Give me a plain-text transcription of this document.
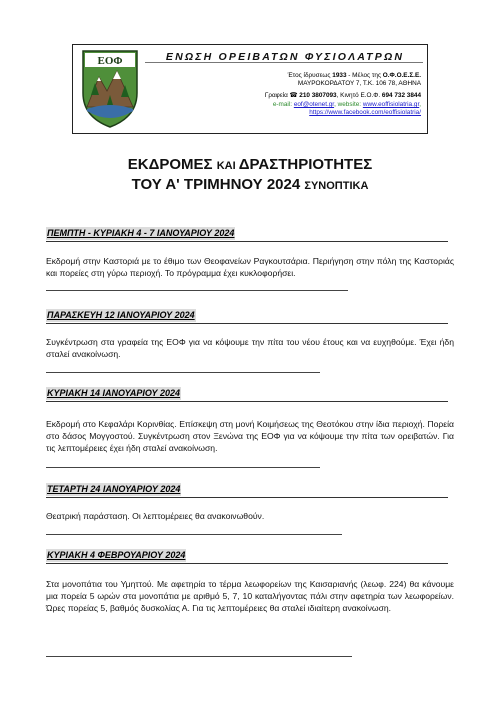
ΕΟΦ	ΕΝΩΣΗ ΟΡΕΙΒΑΤΩΝ ΦΥΣΙΟΛΑΤΡΩΝ
Έτος ίδρυσεως 1933 - Μέλος της Ο.Φ.Ο.Ε.Σ.Ε.
ΜΑΥΡΟΚΟΡΔΑΤΟΥ 7, Τ.Κ. 106 78, ΑΘΗΝΑ
Γραφεία ☎ 210 3807093, Κινητό Ε.Ο.Φ. 694 732 3844
e-mail: eof@otenet.gr, website: www.eoffisiolatria.gr,
https://www.facebook.com/eoffisiolatria/
ΕΚΔΡΟΜΕΣ ΚΑΙ ΔΡΑΣΤΗΡΙΟΤΗΤΕΣ
ΤΟΥ Α' ΤΡΙΜΗΝΟΥ 2024 ΣΥΝΟΠΤΙΚΑ
ΠΕΜΠΤΗ - ΚΥΡΙΑΚΗ 4 - 7 ΙΑΝΟΥΑΡΙΟΥ 2024
Εκδρομή στην Καστοριά με το έθιμο των Θεοφανείων Ραγκουτσάρια. Περιήγηση στην πόλη της Καστοριάς και πορείες στη γύρω περιοχή. Το πρόγραμμα έχει κυκλοφορήσει.
ΠΑΡΑΣΚΕΥΗ 12 ΙΑΝΟΥΑΡΙΟΥ 2024
Συγκέντρωση στα γραφεία της ΕΟΦ για να κόψουμε την πίτα του νέου έτους και να ευχηθούμε. Έχει ήδη σταλεί ανακοίνωση.
ΚΥΡΙΑΚΗ 14 ΙΑΝΟΥΑΡΙΟΥ 2024
Εκδρομή στο Κεφαλάρι Κορινθίας. Επίσκεψη στη μονή Κοιμήσεως της Θεοτόκου στην ίδια περιοχή. Πορεία στο δάσος Μογγοστού. Συγκέντρωση στον Ξενώνα της ΕΟΦ για να κόψουμε την πίτα των ορειβατών. Για τις λεπτομέρειες έχει ήδη σταλεί ανακοίνωση.
ΤΕΤΑΡΤΗ 24 ΙΑΝΟΥΑΡΙΟΥ 2024
Θεατρική παράσταση. Οι λεπτομέρειες θα ανακοινωθούν.
ΚΥΡΙΑΚΗ 4 ΦΕΒΡΟΥΑΡΙΟΥ 2024
Στα μονοπάτια του Υμηττού. Με αφετηρία το τέρμα λεωφορείων της Καισαριανής (λεωφ. 224) θα κάνουμε μια πορεία 5 ωρών στα μονοπάτια με αριθμό 5, 7, 10 καταλήγοντας πάλι στην αφετηρία των λεωφορείων. Ώρες πορείας 5, βαθμός δυσκολίας Α. Για τις λεπτομέρειες θα σταλεί ιδιαίτερη ανακοίνωση.
